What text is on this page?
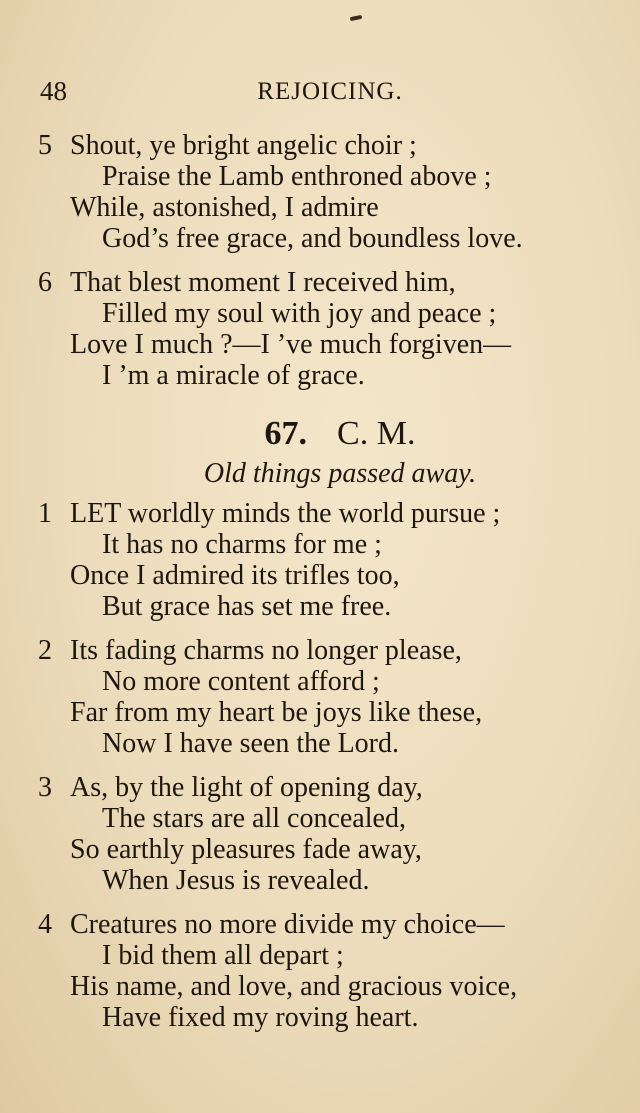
48	REJOICING.
5 Shout, ye bright angelic choir ;
Praise the Lamb enthroned above ;
While, astonished, I admire
God’s free grace, and boundless love.
6 That blest moment I received him,
Filled my soul with joy and peace ;
Love I much ?—I ’ve much forgiven—
I ’m a miracle of grace.
67. C. M.
Old things passed away.
1 LET worldly minds the world pursue ;
It has no charms for me ;
Once I admired its trifles too,
But grace has set me free.
2 Its fading charms no longer please,
No more content afford ;
Far from my heart be joys like these,
Now I have seen the Lord.
3 As, by the light of opening day,
The stars are all concealed,
So earthly pleasures fade away,
When Jesus is revealed.
4 Creatures no more divide my choice—
I bid them all depart ;
His name, and love, and gracious voice,
Have fixed my roving heart.
